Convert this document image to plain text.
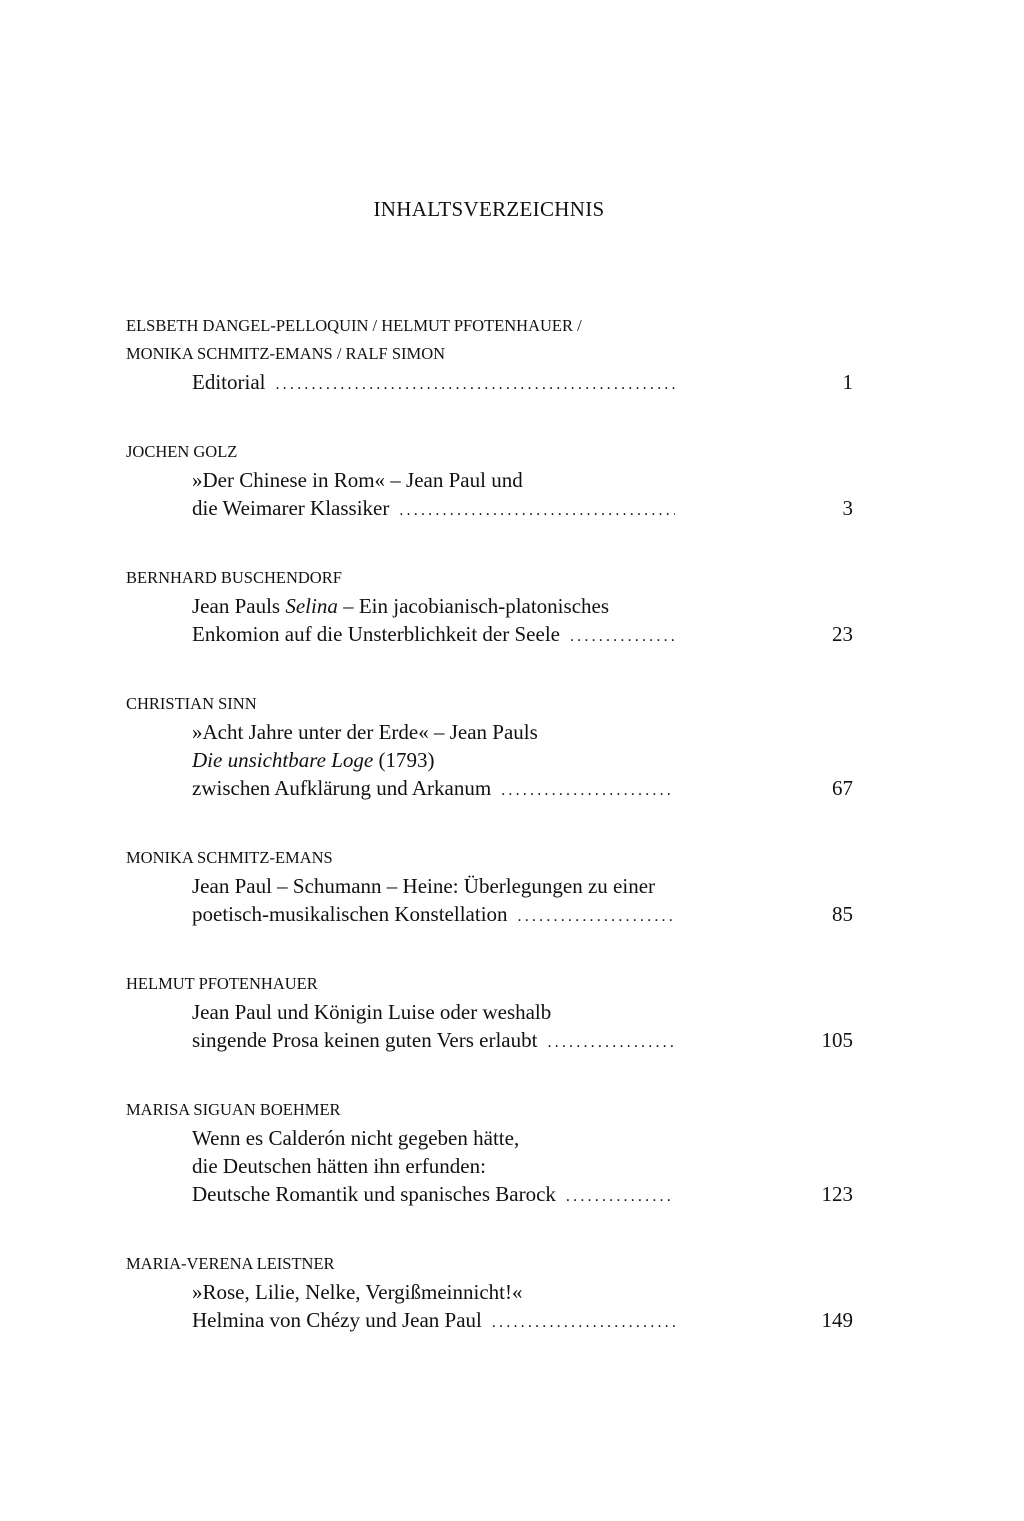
INHALTSVERZEICHNIS
ELSBETH DANGEL-PELLOQUIN / HELMUT PFOTENHAUER /
MONIKA SCHMITZ-EMANS / RALF SIMON
Editorial .....	1
JOCHEN GOLZ
»Der Chinese in Rom« – Jean Paul und
die Weimarer Klassiker .....	3
BERNHARD BUSCHENDORF
Jean Pauls Selina – Ein jacobianisch-platonisches
Enkomion auf die Unsterblichkeit der Seele .....	23
CHRISTIAN SINN
»Acht Jahre unter der Erde« – Jean Pauls
Die unsichtbare Loge (1793)
zwischen Aufklärung und Arkanum .....	67
MONIKA SCHMITZ-EMANS
Jean Paul – Schumann – Heine: Überlegungen zu einer
poetisch-musikalischen Konstellation .....	85
HELMUT PFOTENHAUER
Jean Paul und Königin Luise oder weshalb
singende Prosa keinen guten Vers erlaubt .....	105
MARISA SIGUAN BOEHMER
Wenn es Calderón nicht gegeben hätte,
die Deutschen hätten ihn erfunden:
Deutsche Romantik und spanisches Barock .....	123
MARIA-VERENA LEISTNER
»Rose, Lilie, Nelke, Vergißmeinnicht!«
Helmina von Chézy und Jean Paul .....	149
